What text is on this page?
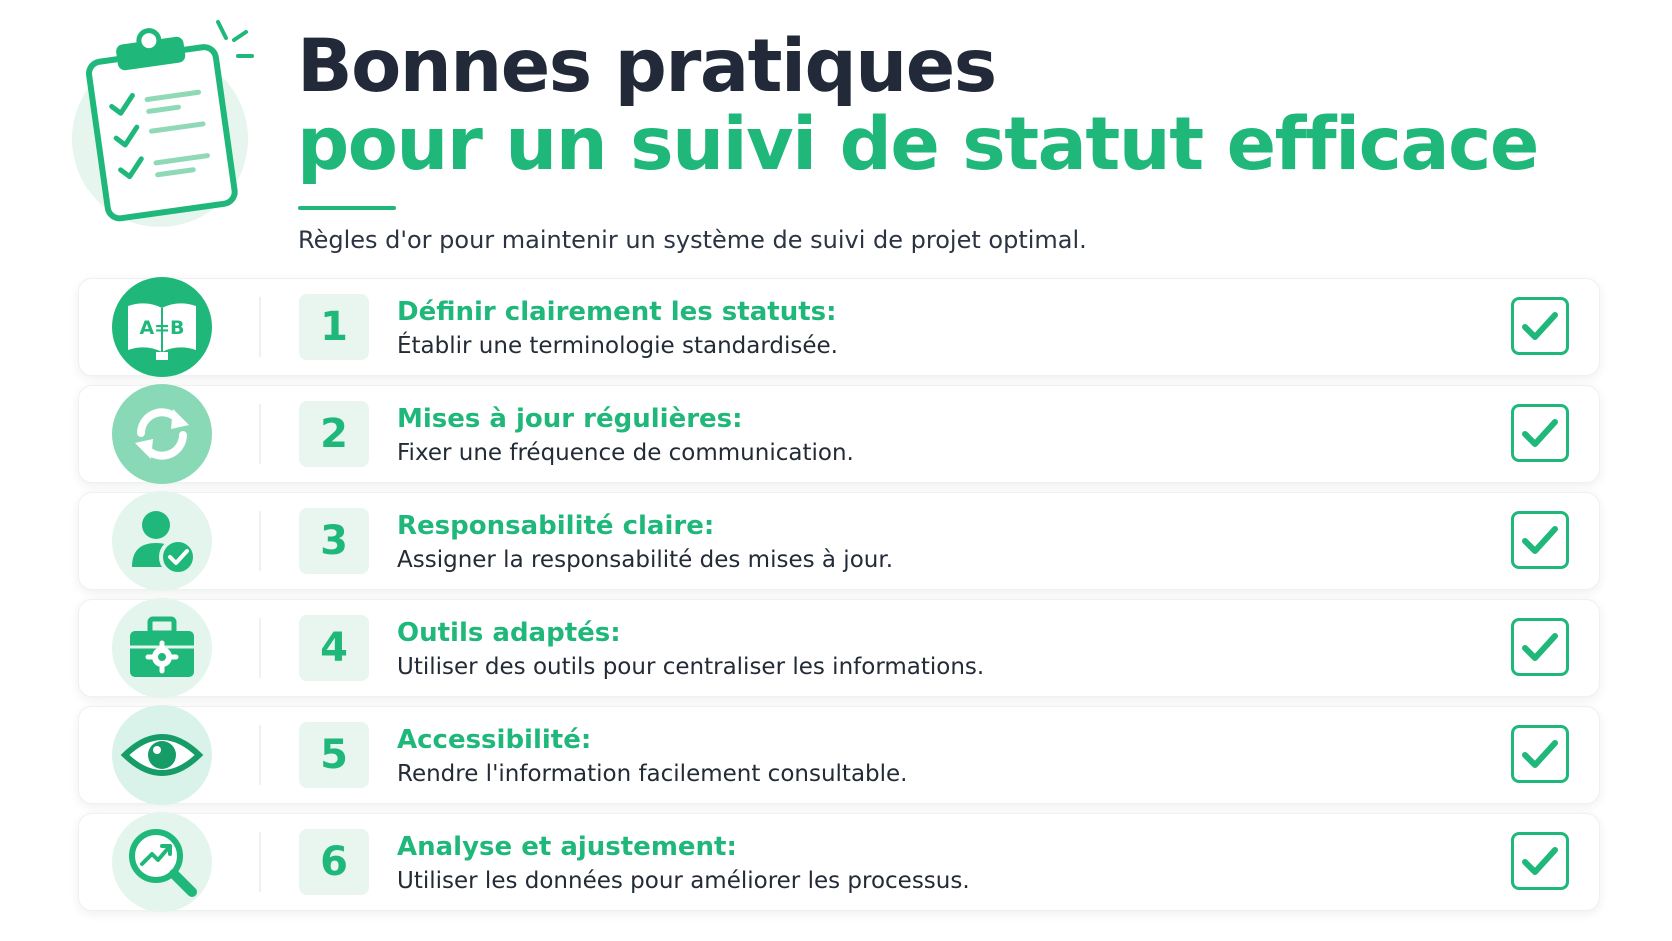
Bonnes pratiques
pour un suivi de statut efficace
Règles d'or pour maintenir un système de suivi de projet optimal.
A=B	1	Définir clairement les statuts:
Établir une terminologie standardisée.
2	Mises à jour régulières:
Fixer une fréquence de communication.
3	Responsabilité claire:
Assigner la responsabilité des mises à jour.
4	Outils adaptés:
Utiliser des outils pour centraliser les informations.
5	Accessibilité:
Rendre l'information facilement consultable.
6	Analyse et ajustement:
Utiliser les données pour améliorer les processus.
